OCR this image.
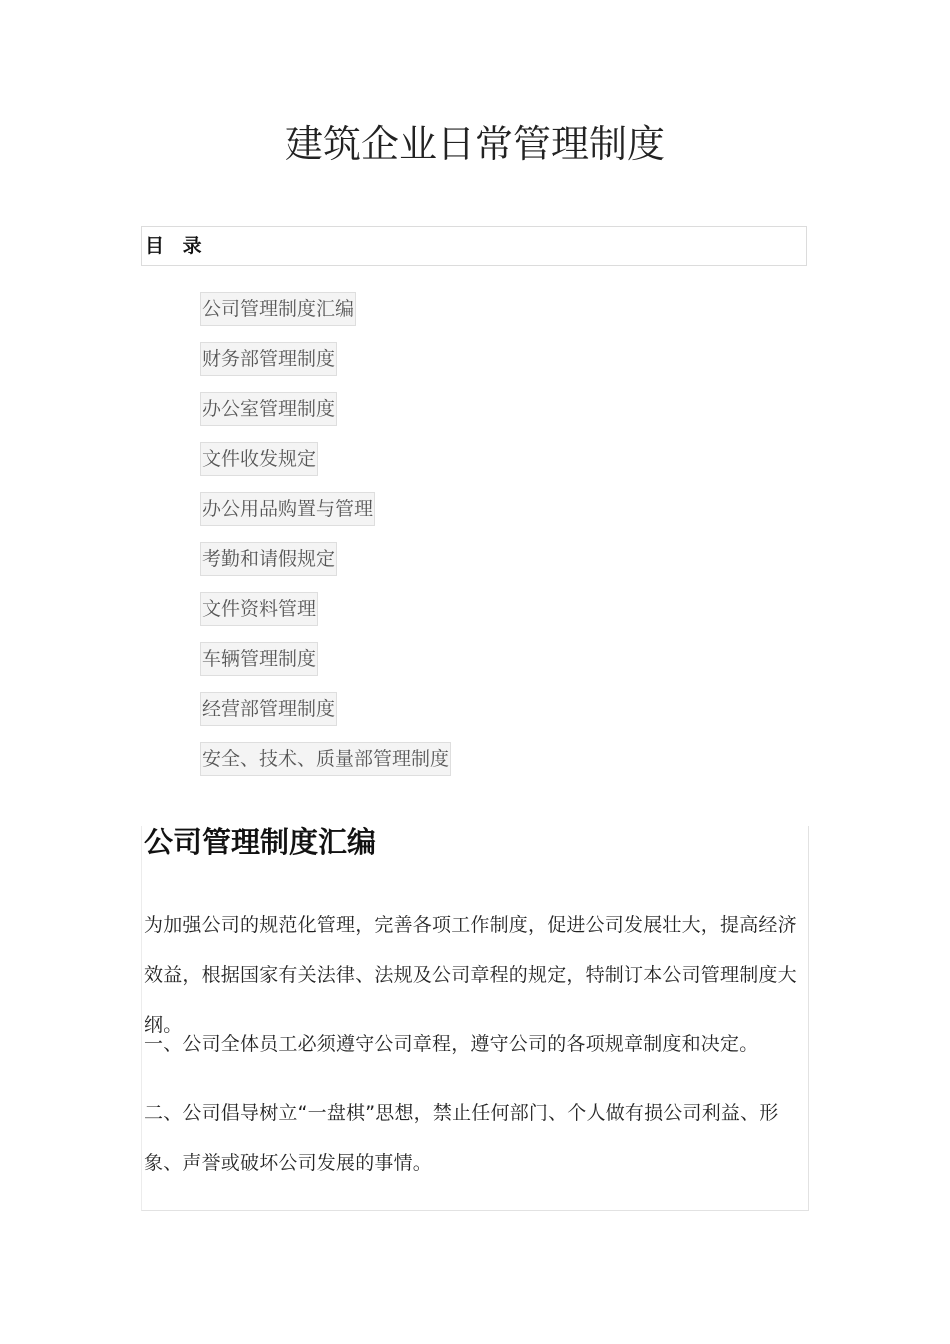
建筑企业日常管理制度
目 录
公司管理制度汇编
财务部管理制度
办公室管理制度
文件收发规定
办公用品购置与管理
考勤和请假规定
文件资料管理
车辆管理制度
经营部管理制度
安全、技术、质量部管理制度
公司管理制度汇编

为加强公司的规范化管理，完善各项工作制度，促进公司发展壮大，提高经济效益，根据国家有关法律、法规及公司章程的规定，特制订本公司管理制度大纲。

一、公司全体员工必须遵守公司章程，遵守公司的各项规章制度和决定。

二、公司倡导树立“一盘棋”思想，禁止任何部门、个人做有损公司利益、形象、声誉或破坏公司发展的事情。
